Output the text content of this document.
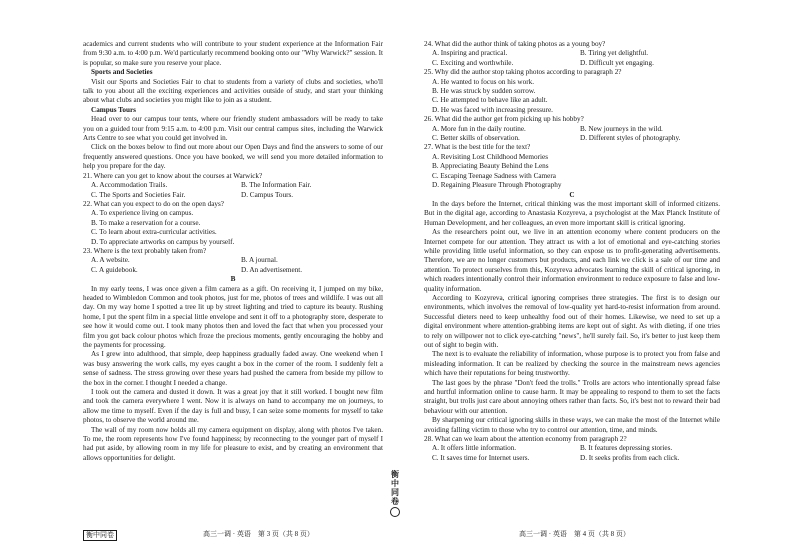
academics and current students who will contribute to your student experience at the Information Fair from 9:30 a.m. to 4:00 p.m. We'd particularly recommend booking onto our "Why Warwick?" session. It is popular, so make sure you reserve your place.

Sports and Societies

Visit our Sports and Societies Fair to chat to students from a variety of clubs and societies, who'll talk to you about all the exciting experiences and activities outside of study, and start your thinking about what clubs and societies you might like to join as a student.

Campus Tours

Head over to our campus tour tents, where our friendly student ambassadors will be ready to take you on a guided tour from 9:15 a.m. to 4:00 p.m. Visit our central campus sites, including the Warwick Arts Centre to see what you could get involved in.

Click on the boxes below to find out more about our Open Days and find the answers to some of our frequently answered questions. Once you have booked, we will send you more detailed information to help you prepare for the day.

21. Where can you get to know about the courses at Warwick?

A. Accommodation Trails.	B. The Information Fair.
C. The Sports and Societies Fair.	D. Campus Tours.

22. What can you expect to do on the open days?

A. To experience living on campus.

B. To make a reservation for a course.

C. To learn about extra-curricular activities.

D. To appreciate artworks on campus by yourself.

23. Where is the text probably taken from?

A. A website.	B. A journal.
C. A guidebook.	D. An advertisement.

B

In my early teens, I was once given a film camera as a gift. On receiving it, I jumped on my bike, headed to Wimbledon Common and took photos, just for me, photos of trees and wildlife. I was out all day. On my way home I spotted a tree lit up by street lighting and tried to capture its beauty. Rushing home, I put the spent film in a special little envelope and sent it off to a photography store, desperate to see how it would come out. I took many photos then and loved the fact that when you processed your film you got back colour photos which froze the precious moments, gently encouraging the hobby and the payments for processing.

As I grew into adulthood, that simple, deep happiness gradually faded away. One weekend when I was busy answering the work calls, my eyes caught a box in the corner of the room. I suddenly felt a sense of sadness. The stress growing over these years had pushed the camera from beside my pillow to the box in the corner. I thought I needed a change.

I took out the camera and dusted it down. It was a great joy that it still worked. I bought new film and took the camera everywhere I went. Now it is always on hand to accompany me on journeys, to allow me time to myself. Even if the day is full and busy, I can seize some moments for myself to take photos, to observe the world around me.

The wall of my room now holds all my camera equipment on display, along with photos I've taken. To me, the room represents how I've found happiness; by reconnecting to the younger part of myself I had put aside, by allowing room in my life for pleasure to exist, and by creating an environment that allows opportunities for delight.

24. What did the author think of taking photos as a young boy?

A. Inspiring and practical.	B. Tiring yet delightful.
C. Exciting and worthwhile.	D. Difficult yet engaging.

25. Why did the author stop taking photos according to paragraph 2?

A. He wanted to focus on his work.

B. He was struck by sudden sorrow.

C. He attempted to behave like an adult.

D. He was faced with increasing pressure.

26. What did the author get from picking up his hobby?

A. More fun in the daily routine.	B. New journeys in the wild.
C. Better skills of observation.	D. Different styles of photography.

27. What is the best title for the text?

A. Revisiting Lost Childhood Memories

B. Appreciating Beauty Behind the Lens

C. Escaping Teenage Sadness with Camera

D. Regaining Pleasure Through Photography

C

In the days before the Internet, critical thinking was the most important skill of informed citizens. But in the digital age, according to Anastasia Kozyreva, a psychologist at the Max Planck Institute of Human Development, and her colleagues, an even more important skill is critical ignoring.

As the researchers point out, we live in an attention economy where content producers on the Internet compete for our attention. They attract us with a lot of emotional and eye-catching stories while providing little useful information, so they can expose us to profit-generating advertisements. Therefore, we are no longer customers but products, and each link we click is a sale of our time and attention. To protect ourselves from this, Kozyreva advocates learning the skill of critical ignoring, in which readers intentionally control their information environment to reduce exposure to false and low-quality information.

According to Kozyreva, critical ignoring comprises three strategies. The first is to design our environments, which involves the removal of low-quality yet hard-to-resist information from around. Successful dieters need to keep unhealthy food out of their homes. Likewise, we need to set up a digital environment where attention-grabbing items are kept out of sight. As with dieting, if one tries to rely on willpower not to click eye-catching "news", he'll surely fail. So, it's better to just keep them out of sight to begin with.

The next is to evaluate the reliability of information, whose purpose is to protect you from false and misleading information. It can be realized by checking the source in the mainstream news agencies which have their reputations for being trustworthy.

The last goes by the phrase "Don't feed the trolls." Trolls are actors who intentionally spread false and hurtful information online to cause harm. It may be appealing to respond to them to set the facts straight, but trolls just care about annoying others rather than facts. So, it's best not to reward their bad behaviour with our attention.

By sharpening our critical ignoring skills in these ways, we can make the most of the Internet while avoiding falling victim to those who try to control our attention, time, and minds.

28. What can we learn about the attention economy from paragraph 2?

A. It offers little information.	B. It features depressing stories.
C. It saves time for Internet users.	D. It seeks profits from each click.
衡
中
同
卷
衡中同卷	高三一调 · 英语　第 3 页（共 8 页）	高三一调 · 英语　第 4 页（共 8 页）
